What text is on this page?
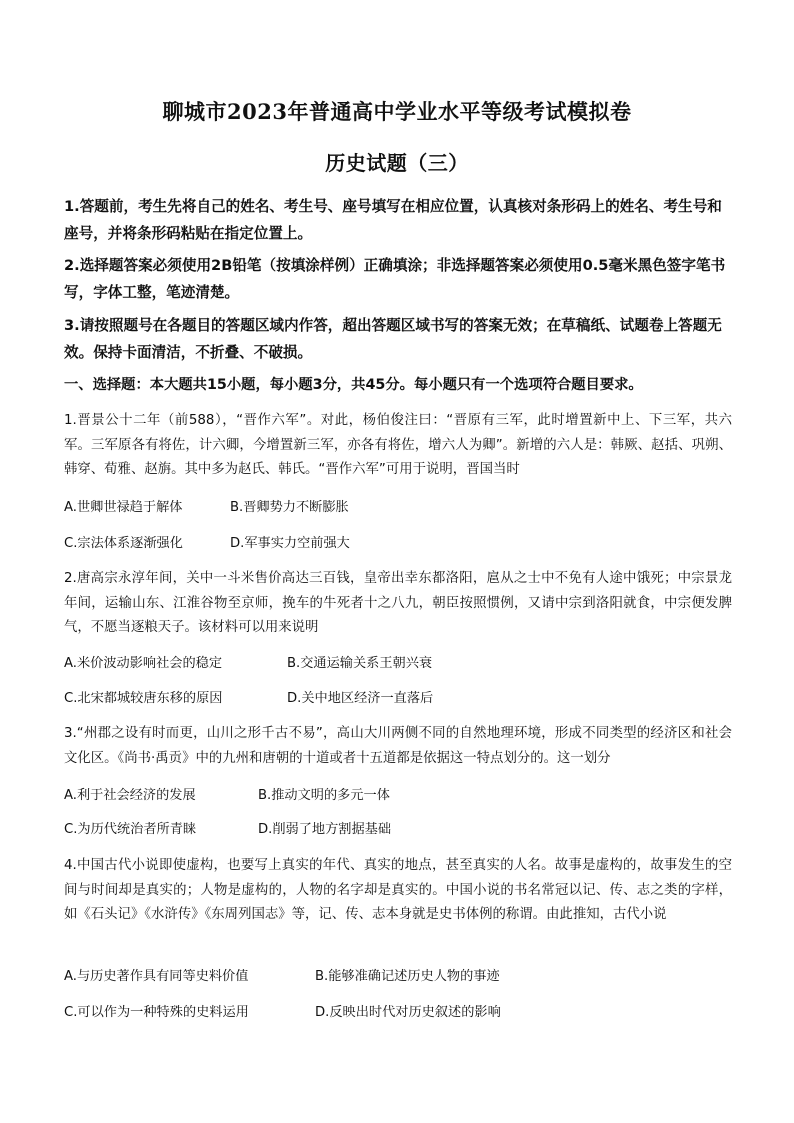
聊城市2023年普通高中学业水平等级考试模拟卷
历史试题（三）
1.答题前，考生先将自己的姓名、考生号、座号填写在相应位置，认真核对条形码上的姓名、考生号和座号，并将条形码粘贴在指定位置上。
2.选择题答案必须使用2B铅笔（按填涂样例）正确填涂；非选择题答案必须使用0.5毫米黑色签字笔书写，字体工整，笔迹清楚。
3.请按照题号在各题目的答题区域内作答，超出答题区域书写的答案无效；在草稿纸、试题卷上答题无效。保持卡面清洁，不折叠、不破损。
一、选择题：本大题共15小题，每小题3分，共45分。每小题只有一个选项符合题目要求。
1.晋景公十二年（前588），“晋作六军”。对此，杨伯俊注曰：“晋原有三军，此时增置新中上、下三军，共六军。三军原各有将佐，计六卿，今增置新三军，亦各有将佐，增六人为卿”。新增的六人是：韩厥、赵括、巩朔、韩穿、荀雅、赵旃。其中多为赵氏、韩氏。“晋作六军”可用于说明，晋国当时
A.世卿世禄趋于解体	B.晋卿势力不断膨胀
C.宗法体系逐渐强化	D.军事实力空前强大
2.唐高宗永淳年间，关中一斗米售价高达三百钱，皇帝出幸东都洛阳，扈从之士中不免有人途中饿死；中宗景龙年间，运输山东、江淮谷物至京师，挽车的牛死者十之八九，朝臣按照惯例，又请中宗到洛阳就食，中宗便发脾气，不愿当逐粮天子。该材料可以用来说明
A.米价波动影响社会的稳定	B.交通运输关系王朝兴衰
C.北宋都城较唐东移的原因	D.关中地区经济一直落后
3.“州郡之设有时而更，山川之形千古不易”，高山大川两侧不同的自然地理环境，形成不同类型的经济区和社会文化区。《尚书·禹贡》中的九州和唐朝的十道或者十五道都是依据这一特点划分的。这一划分
A.利于社会经济的发展	B.推动文明的多元一体
C.为历代统治者所青睐	D.削弱了地方割据基础
4.中国古代小说即使虚构，也要写上真实的年代、真实的地点，甚至真实的人名。故事是虚构的，故事发生的空间与时间却是真实的；人物是虚构的，人物的名字却是真实的。中国小说的书名常冠以记、传、志之类的字样，如《石头记》《水浒传》《东周列国志》等，记、传、志本身就是史书体例的称谓。由此推知，古代小说
A.与历史著作具有同等史料价值	B.能够准确记述历史人物的事迹
C.可以作为一种特殊的史料运用	D.反映出时代对历史叙述的影响
